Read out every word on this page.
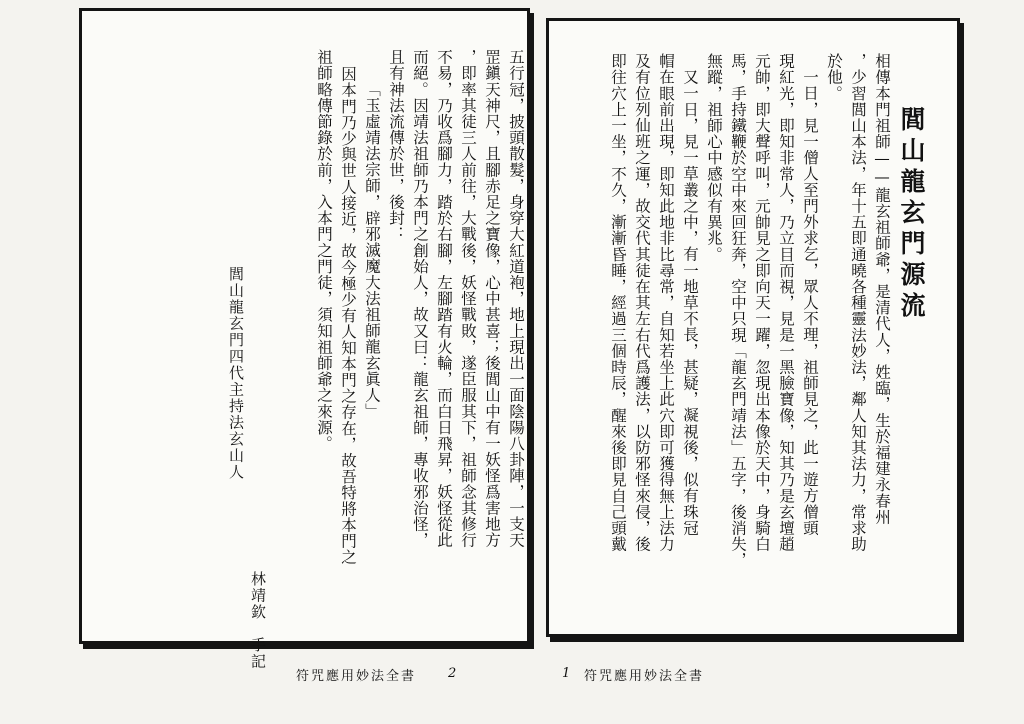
林靖欽　手記
閭山龍玄門四代主持法玄山人	五行冠，披頭散髮，身穿大紅道袍，地上現出一面陰陽八卦陣，一支天
罡鎭天神尺，且腳赤足之寶像，心中甚喜；後閭山中有一妖怪爲害地方
，即率其徒三人前往，大戰後，妖怪戰敗，遂臣服其下，祖師念其修行
不易，乃收爲腳力，踏於右腳，左腳踏有火輪，而白日飛昇，妖怪從此
而絕。因靖法祖師乃本門之創始人，故又曰：龍玄祖師，專收邪治怪，
且有神法流傳於世，後封：
「玉虛靖法宗師，辟邪滅魔大法祖師龍玄眞人」
因本門乃少與世人接近，故今極少有人知本門之存在，故吾特將本門之
祖師略傳節錄於前，入本門之門徒，須知祖師爺之來源。
符咒應用妙法全書 2
閭山龍玄門源流
相傳本門祖師——龍玄祖師爺，是清代人，姓臨，生於福建永春州
，少習閭山本法，年十五即通曉各種靈法妙法，鄰人知其法力，常求助
於他。
一日，見一僧人至門外求乞，眾人不理，祖師見之，此一遊方僧頭
現紅光，即知非常人，乃立目而視，見是一黑臉寶像，知其乃是玄壇趙
元帥，即大聲呼叫，元帥見之即向天一躍，忽現出本像於天中，身騎白
馬，手持鐵鞭於空中來回狂奔，空中只現「龍玄門靖法」五字，後消失，
無蹤，祖師心中感似有異兆。
又一日，見一草叢之中，有一地草不長，甚疑，凝視後，似有珠冠
帽在眼前出現，即知此地非比尋常，自知若坐上此穴即可獲得無上法力
及有位列仙班之運，故交代其徒在其左右代爲護法，以防邪怪來侵，後
即往穴上一坐，不久，漸漸昏睡，經過三個時辰，醒來後即見自己頭戴
1 符咒應用妙法全書
